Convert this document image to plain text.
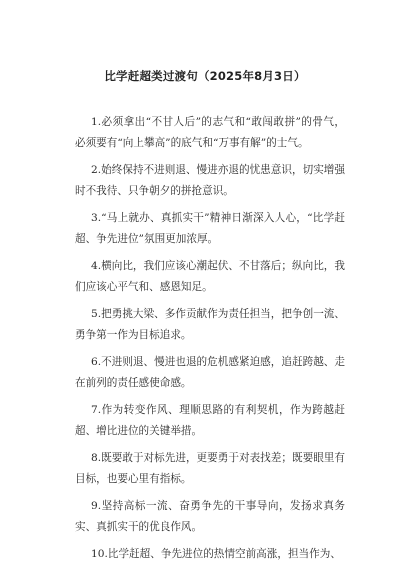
比学赶超类过渡句（2025年8月3日）

1.必须拿出“不甘人后”的志气和“敢闯敢拼”的骨气，必须要有“向上攀高”的底气和“万事有解”的士气。

2.始终保持不进则退、慢进亦退的忧患意识，切实增强时不我待、只争朝夕的拼抢意识。

3.“马上就办、真抓实干”精神日渐深入人心，“比学赶超、争先进位”氛围更加浓厚。

4.横向比，我们应该心潮起伏、不甘落后；纵向比，我们应该心平气和、感恩知足。

5.把勇挑大梁、多作贡献作为责任担当，把争创一流、勇争第一作为目标追求。

6.不进则退、慢进也退的危机感紧迫感，追赶跨越、走在前列的责任感使命感。

7.作为转变作风、理顺思路的有利契机，作为跨越赶超、增比进位的关键举措。

8.既要敢于对标先进，更要勇于对表找差；既要眼里有目标，也要心里有指标。

9.坚持高标一流、奋勇争先的干事导向，发扬求真务实、真抓实干的优良作风。

10.比学赶超、争先进位的热情空前高涨，担当作为、
